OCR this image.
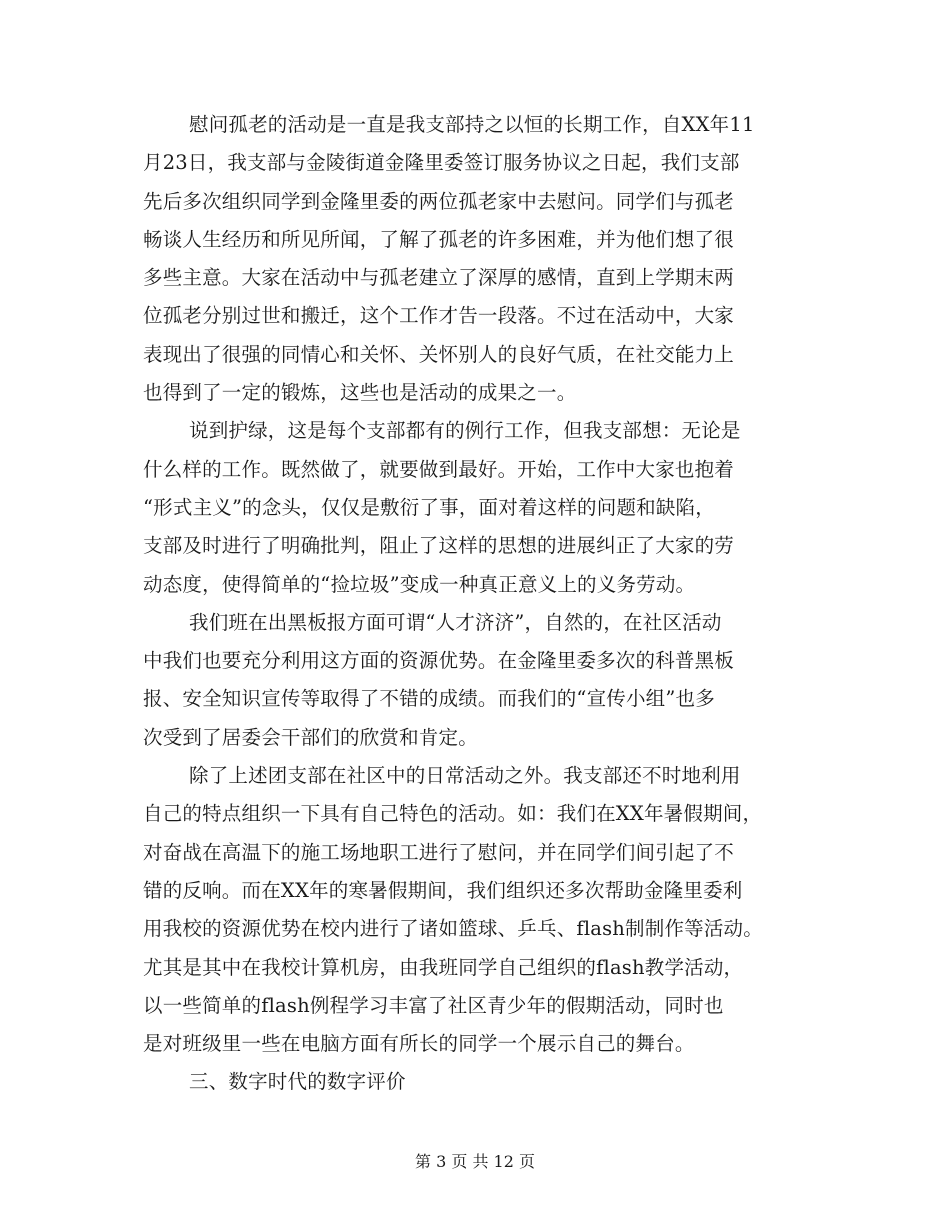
慰问孤老的活动是一直是我支部持之以恒的长期工作，自XX年11
月23日，我支部与金陵街道金隆里委签订服务协议之日起，我们支部
先后多次组织同学到金隆里委的两位孤老家中去慰问。同学们与孤老
畅谈人生经历和所见所闻，了解了孤老的许多困难，并为他们想了很
多些主意。大家在活动中与孤老建立了深厚的感情，直到上学期末两
位孤老分别过世和搬迁，这个工作才告一段落。不过在活动中，大家
表现出了很强的同情心和关怀、关怀别人的良好气质，在社交能力上
也得到了一定的锻炼，这些也是活动的成果之一。
说到护绿，这是每个支部都有的例行工作，但我支部想：无论是
什么样的工作。既然做了，就要做到最好。开始，工作中大家也抱着
“形式主义”的念头，仅仅是敷衍了事，面对着这样的问题和缺陷，
支部及时进行了明确批判，阻止了这样的思想的进展纠正了大家的劳
动态度，使得简单的“捡垃圾”变成一种真正意义上的义务劳动。
我们班在出黑板报方面可谓“人才济济”，自然的，在社区活动
中我们也要充分利用这方面的资源优势。在金隆里委多次的科普黑板
报、安全知识宣传等取得了不错的成绩。而我们的“宣传小组”也多
次受到了居委会干部们的欣赏和肯定。
除了上述团支部在社区中的日常活动之外。我支部还不时地利用
自己的特点组织一下具有自己特色的活动。如：我们在XX年暑假期间，
对奋战在高温下的施工场地职工进行了慰问，并在同学们间引起了不
错的反响。而在XX年的寒暑假期间，我们组织还多次帮助金隆里委利
用我校的资源优势在校内进行了诸如篮球、乒乓、flash制制作等活动。
尤其是其中在我校计算机房，由我班同学自己组织的flash教学活动，
以一些简单的flash例程学习丰富了社区青少年的假期活动，同时也
是对班级里一些在电脑方面有所长的同学一个展示自己的舞台。
三、数字时代的数字评价
第 3 页 共 12 页
